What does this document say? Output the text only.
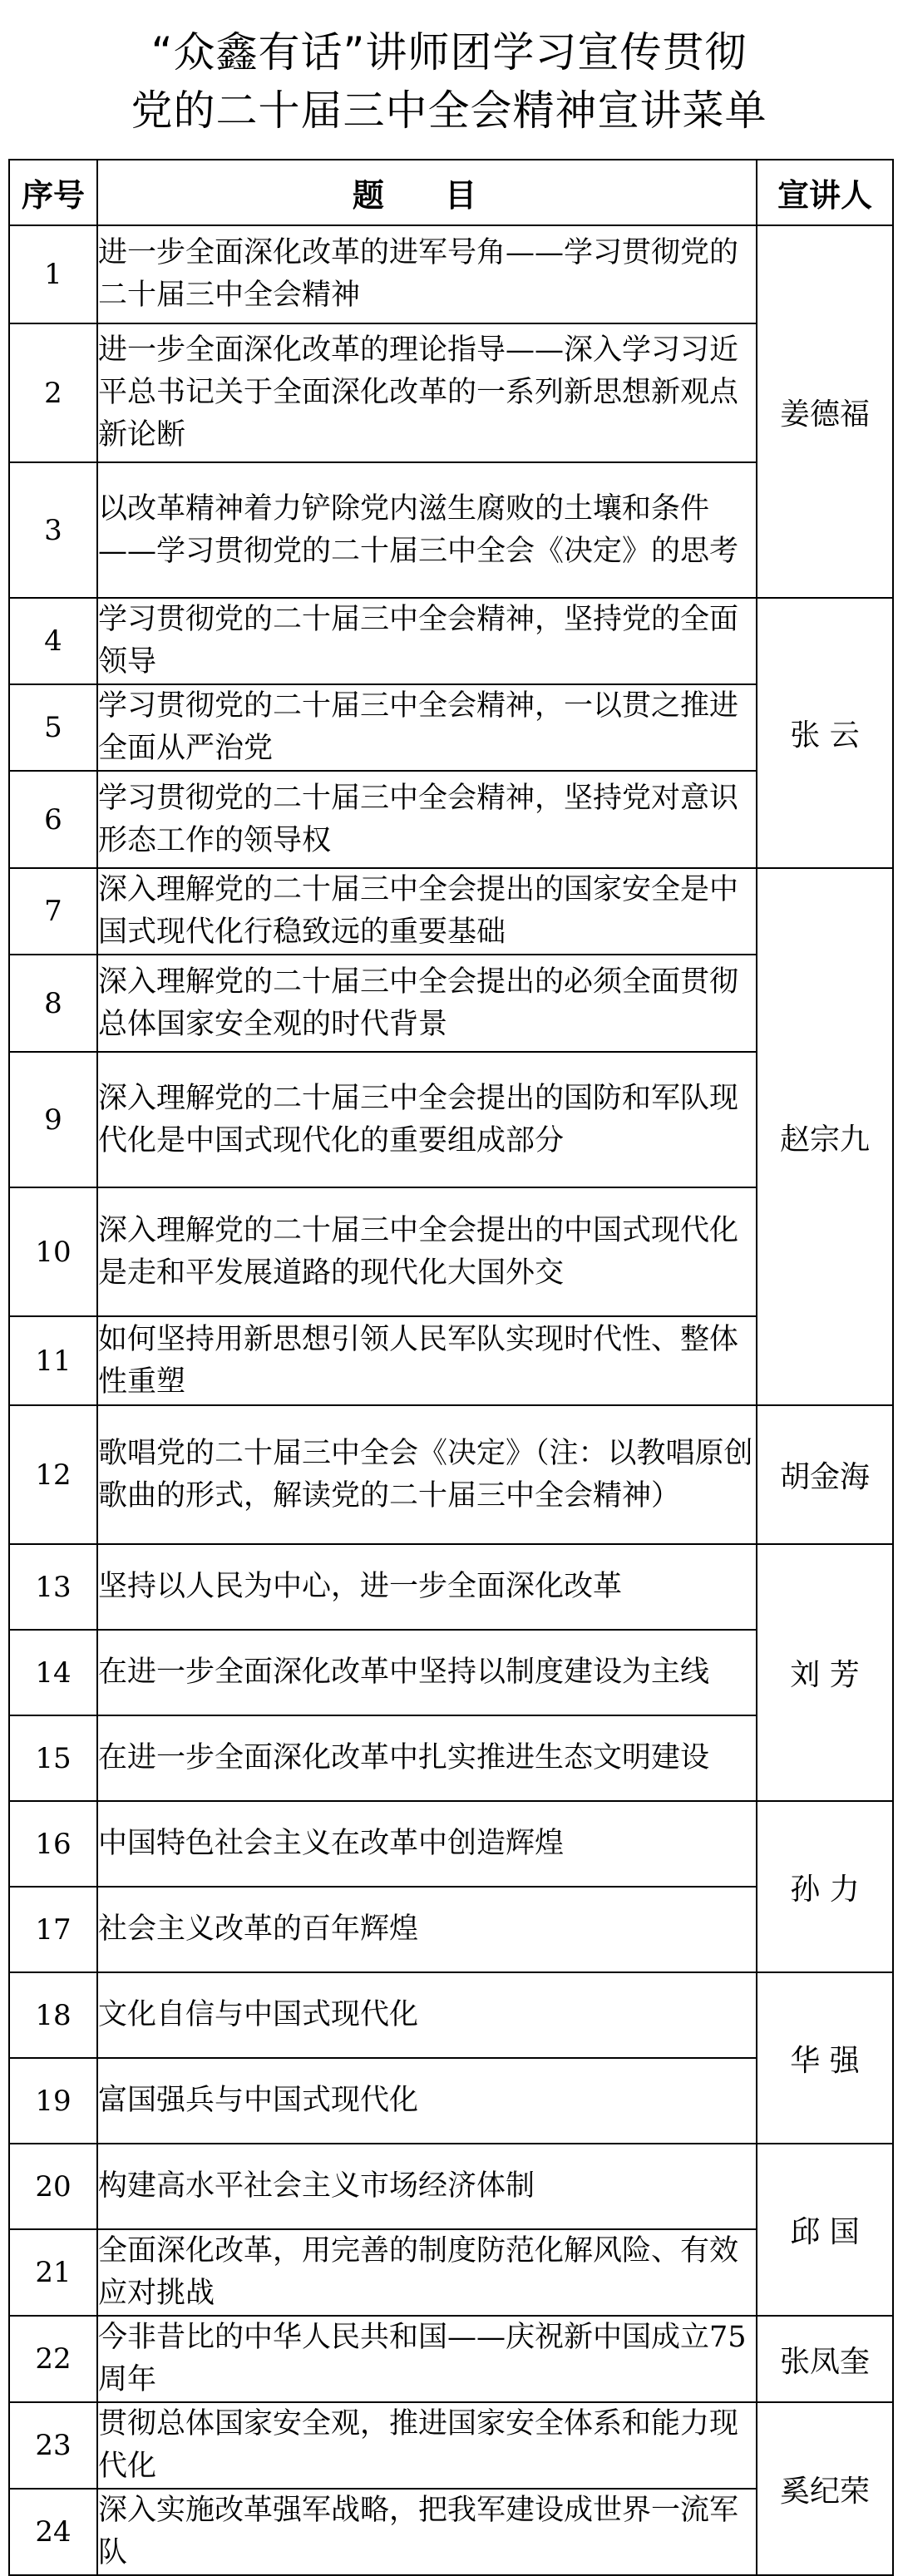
“众鑫有话”讲师团学习宣传贯彻
党的二十届三中全会精神宣讲菜单
序号	题 目	宣讲人
1	进一步全面深化改革的进军号角——学习贯彻党的二十届三中全会精神	姜德福
2	进一步全面深化改革的理论指导——深入学习习近平总书记关于全面深化改革的一系列新思想新观点新论断	
3	以改革精神着力铲除党内滋生腐败的土壤和条件——学习贯彻党的二十届三中全会《决定》的思考	
4	学习贯彻党的二十届三中全会精神，坚持党的全面领导	张 云
5	学习贯彻党的二十届三中全会精神，一以贯之推进全面从严治党	
6	学习贯彻党的二十届三中全会精神，坚持党对意识形态工作的领导权	
7	深入理解党的二十届三中全会提出的国家安全是中国式现代化行稳致远的重要基础	赵宗九
8	深入理解党的二十届三中全会提出的必须全面贯彻总体国家安全观的时代背景	
9	深入理解党的二十届三中全会提出的国防和军队现代化是中国式现代化的重要组成部分	
10	深入理解党的二十届三中全会提出的中国式现代化是走和平发展道路的现代化大国外交	
11	如何坚持用新思想引领人民军队实现时代性、整体性重塑	
12	歌唱党的二十届三中全会《决定》（注：以教唱原创歌曲的形式，解读党的二十届三中全会精神）	胡金海
13	坚持以人民为中心，进一步全面深化改革	刘 芳
14	在进一步全面深化改革中坚持以制度建设为主线	
15	在进一步全面深化改革中扎实推进生态文明建设	
16	中国特色社会主义在改革中创造辉煌	孙 力
17	社会主义改革的百年辉煌	
18	文化自信与中国式现代化	华 强
19	富国强兵与中国式现代化	
20	构建高水平社会主义市场经济体制	邱 国
21	全面深化改革，用完善的制度防范化解风险、有效应对挑战	
22	今非昔比的中华人民共和国——庆祝新中国成立75周年	张凤奎
23	贯彻总体国家安全观，推进国家安全体系和能力现代化	奚纪荣
24	深入实施改革强军战略，把我军建设成世界一流军队	
